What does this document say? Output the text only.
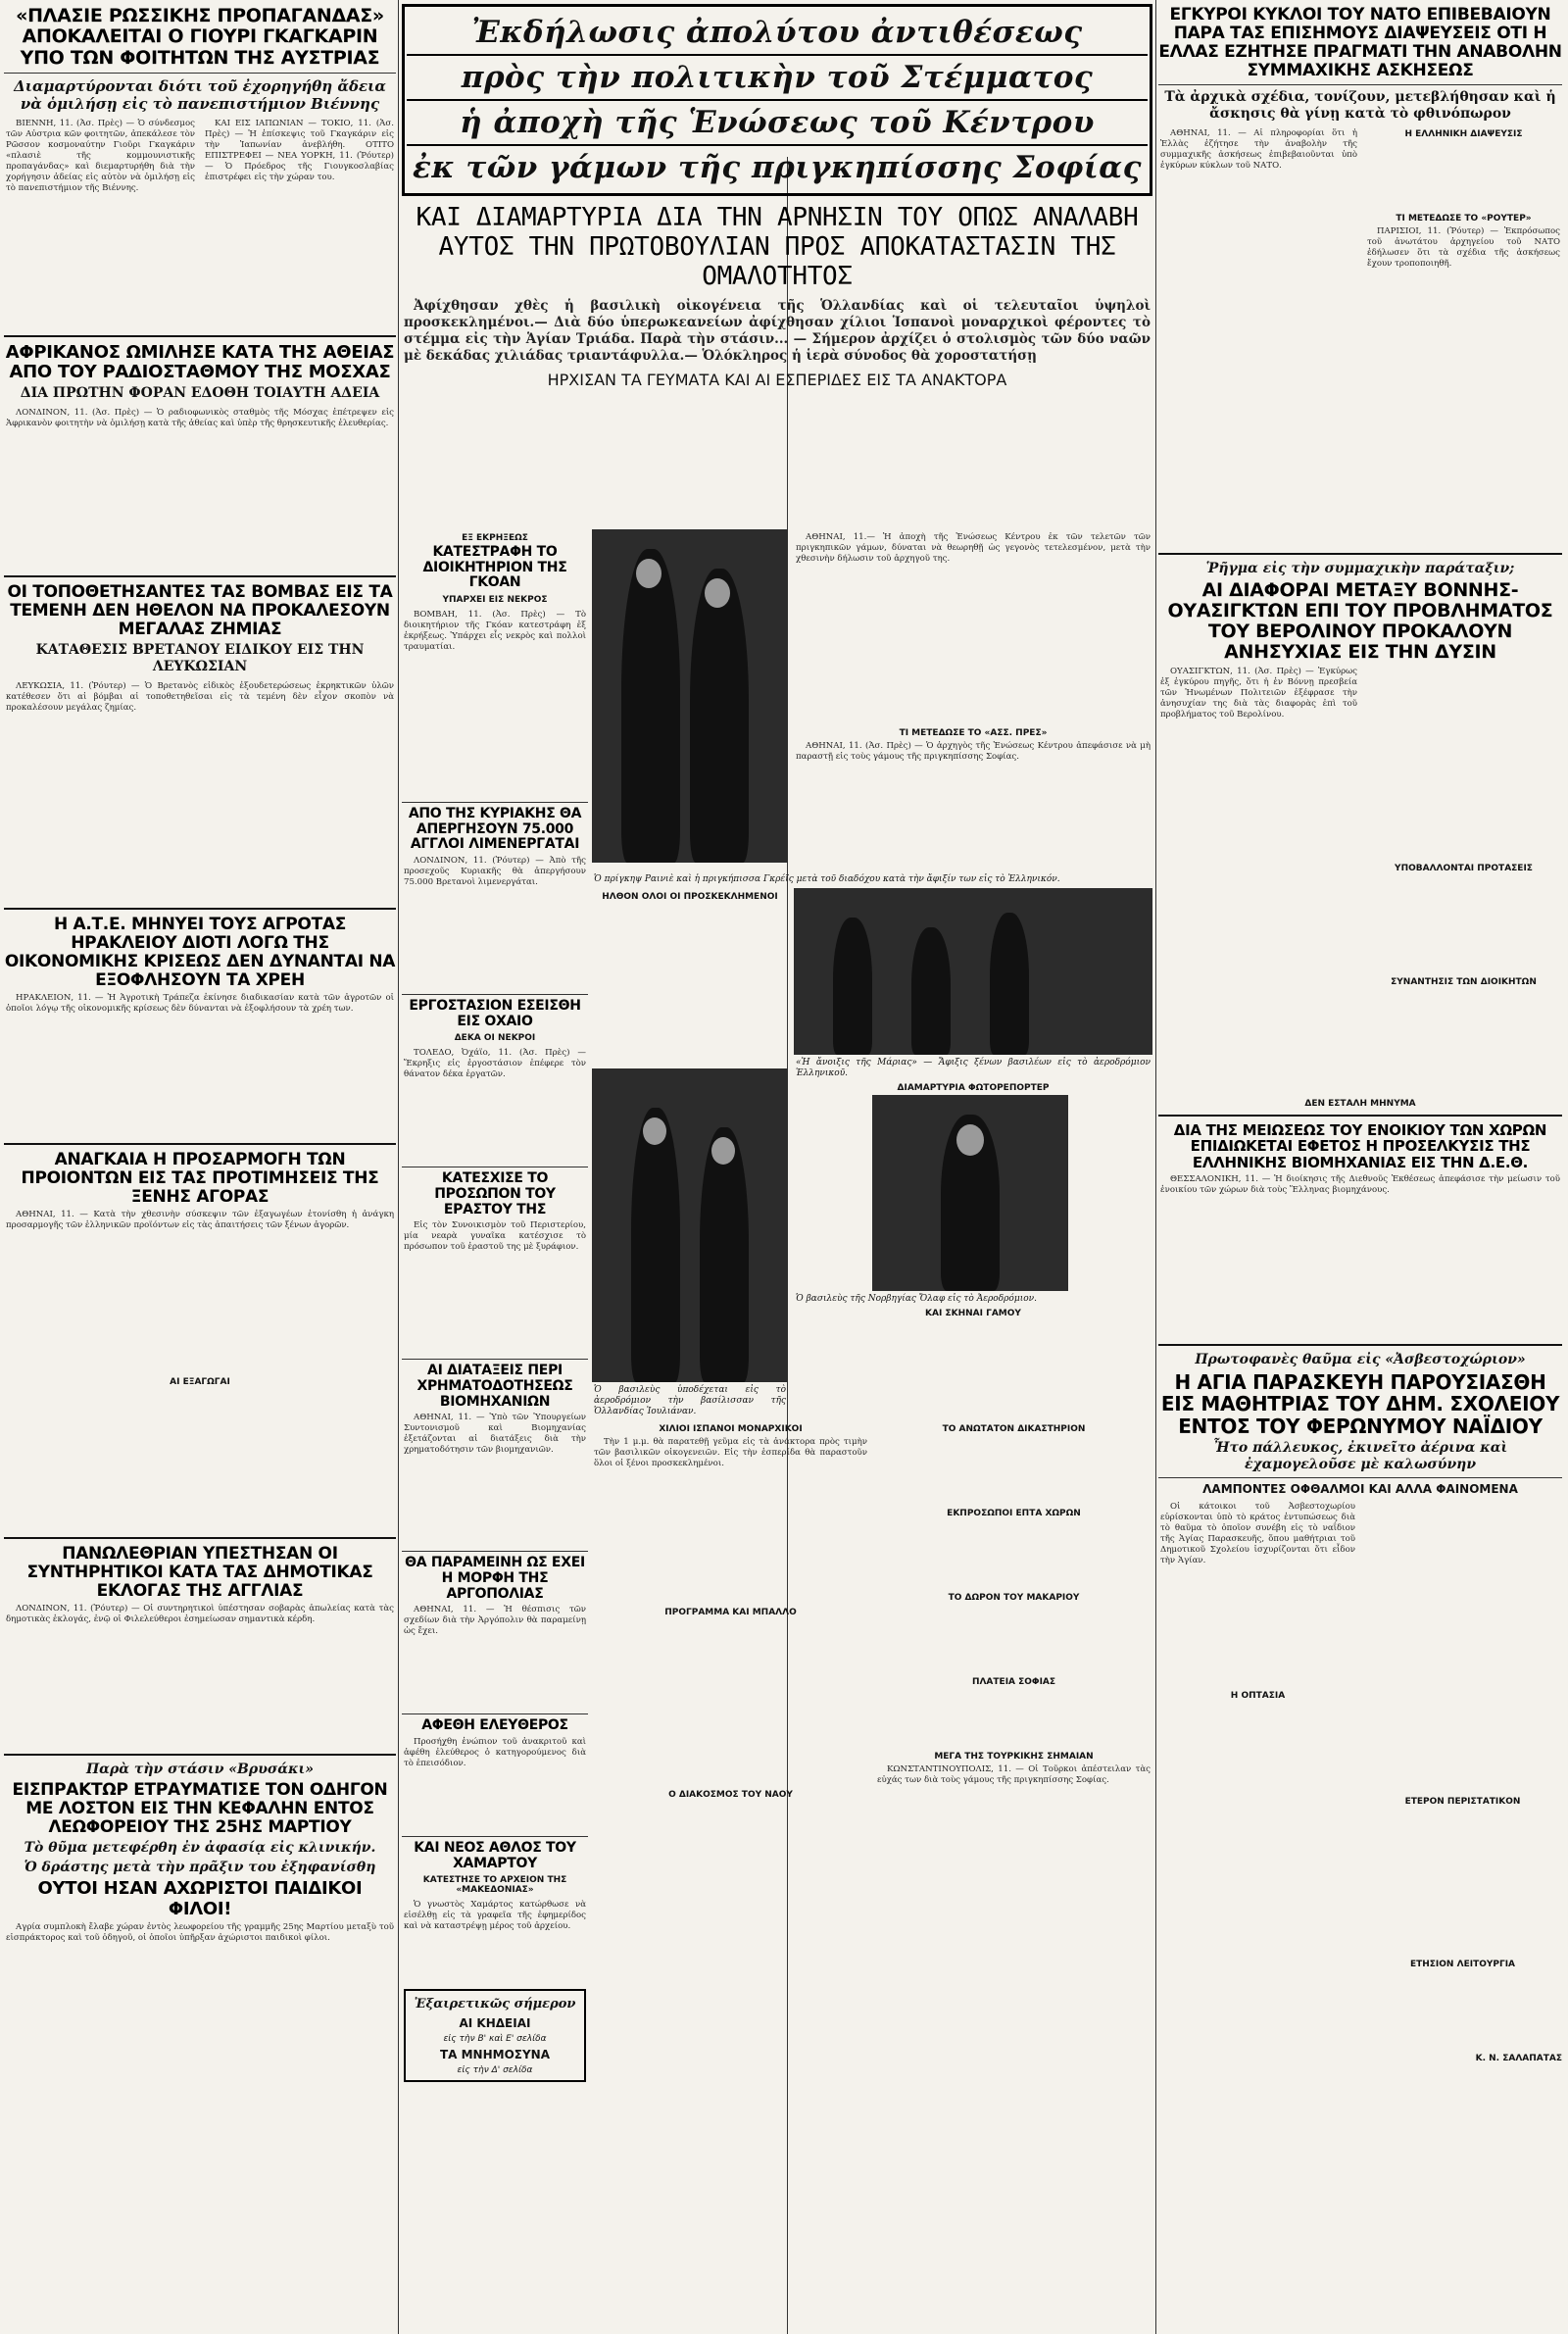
«ΠΛΑΣΙΕ ΡΩΣΣΙΚΗΣ ΠΡΟΠΑΓΑΝΔΑΣ» ΑΠΟΚΑΛΕΙΤΑΙ Ο ΓΙΟΥΡΙ ΓΚΑΓΚΑΡΙΝ ΥΠΟ ΤΩΝ ΦΟΙΤΗΤΩΝ ΤΗΣ ΑΥΣΤΡΙΑΣ
Διαμαρτύρονται διότι τοῦ ἐχορηγήθη ἄδεια νὰ ὁμιλήσῃ εἰς τὸ πανεπιστήμιον Βιέννης

ΒΙΕΝΝΗ, 11. (Ἀσ. Πρὲς) — Ὁ σύνδεσμος τῶν Αὐστρια κῶν φοιτητῶν, ἀπεκάλεσε τὸν Ρῶσσον κοσμοναύτην Γιοῦρι Γκαγκάριν «πλασιὲ τῆς κομμουνιστικῆς προπαγάνδας» καὶ διεμαρτυρήθη διὰ τὴν χορήγησιν ἀδείας εἰς αὐτὸν νὰ ὁμιλήσῃ εἰς τὸ πανεπιστήμιον τῆς Βιέννης.

ΚΑΙ ΕΙΣ ΙΑΠΩΝΙΑΝ — ΤΟΚΙΟ, 11. (Ἀσ. Πρὲς) — Ἡ ἐπίσκεψις τοῦ Γκαγκάριν εἰς τὴν Ἰαπωνίαν ἀνεβλήθη. ΟΤΙΤΟ ΕΠΙΣΤΡΕΦΕΙ — ΝΕΑ ΥΟΡΚΗ, 11. (Ῥόυτερ) — Ὁ Πρόεδρος τῆς Γιουγκοσλαβίας ἐπιστρέφει εἰς τὴν χώραν του.

ΑΦΡΙΚΑΝΟΣ ΩΜΙΛΗΣΕ ΚΑΤΑ ΤΗΣ ΑΘΕΙΑΣ ΑΠΟ ΤΟΥ ΡΑΔΙΟΣΤΑΘΜΟΥ ΤΗΣ ΜΟΣΧΑΣ
ΔΙΑ ΠΡΩΤΗΝ ΦΟΡΑΝ ΕΔΟΘΗ ΤΟΙΑΥΤΗ ΑΔΕΙΑ

ΛΟΝΔΙΝΟΝ, 11. (Ἀσ. Πρὲς) — Ὁ ραδιοφωνικὸς σταθμὸς τῆς Μόσχας ἐπέτρεψεν εἰς Ἀφρικανὸν φοιτητὴν νὰ ὁμιλήσῃ κατὰ τῆς ἀθείας καὶ ὑπὲρ τῆς θρησκευτικῆς ἐλευθερίας.

ΟΙ ΤΟΠΟΘΕΤΗΣΑΝΤΕΣ ΤΑΣ ΒΟΜΒΑΣ ΕΙΣ ΤΑ ΤΕΜΕΝΗ ΔΕΝ ΗΘΕΛΟΝ ΝΑ ΠΡΟΚΑΛΕΣΟΥΝ ΜΕΓΑΛΑΣ ΖΗΜΙΑΣ
ΚΑΤΑΘΕΣΙΣ ΒΡΕΤΑΝΟΥ ΕΙΔΙΚΟΥ ΕΙΣ ΤΗΝ ΛΕΥΚΩΣΙΑΝ

ΛΕΥΚΩΣΙΑ, 11. (Ῥόυτερ) — Ὁ Βρετανὸς εἰδικὸς ἐξουδετερώσεως ἐκρηκτικῶν ὑλῶν κατέθεσεν ὅτι αἱ βόμβαι αἱ τοποθετηθεῖσαι εἰς τὰ τεμένη δὲν εἶχον σκοπὸν νὰ προκαλέσουν μεγάλας ζημίας.

Η Α.Τ.Ε. ΜΗΝΥΕΙ ΤΟΥΣ ΑΓΡΟΤΑΣ ΗΡΑΚΛΕΙΟΥ ΔΙΟΤΙ ΛΟΓΩ ΤΗΣ ΟΙΚΟΝΟΜΙΚΗΣ ΚΡΙΣΕΩΣ ΔΕΝ ΔΥΝΑΝΤΑΙ ΝΑ ΕΞΟΦΛΗΣΟΥΝ ΤΑ ΧΡΕΗ

ΗΡΑΚΛΕΙΟΝ, 11. — Ἡ Ἀγροτικὴ Τράπεζα ἐκίνησε διαδικασίαν κατὰ τῶν ἀγροτῶν οἱ ὁποῖοι λόγῳ τῆς οἰκονομικῆς κρίσεως δὲν δύνανται νὰ ἐξοφλήσουν τὰ χρέη των.

ΑΝΑΓΚΑΙΑ Η ΠΡΟΣΑΡΜΟΓΗ ΤΩΝ ΠΡΟΙΟΝΤΩΝ ΕΙΣ ΤΑΣ ΠΡΟΤΙΜΗΣΕΙΣ ΤΗΣ ΞΕΝΗΣ ΑΓΟΡΑΣ

ΑΘΗΝΑΙ, 11. — Κατὰ τὴν χθεσινὴν σύσκεψιν τῶν ἐξαγωγέων ἐτονίσθη ἡ ἀνάγκη προσαρμογῆς τῶν ἑλληνικῶν προϊόντων εἰς τὰς ἀπαιτήσεις τῶν ξένων ἀγορῶν.

ΑΙ ΕΞΑΓΩΓΑΙ
ΠΑΝΩΛΕΘΡΙΑΝ ΥΠΕΣΤΗΣΑΝ ΟΙ ΣΥΝΤΗΡΗΤΙΚΟΙ ΚΑΤΑ ΤΑΣ ΔΗΜΟΤΙΚΑΣ ΕΚΛΟΓΑΣ ΤΗΣ ΑΓΓΛΙΑΣ

ΛΟΝΔΙΝΟΝ, 11. (Ῥόυτερ) — Οἱ συντηρητικοὶ ὑπέστησαν σοβαρὰς ἀπωλείας κατὰ τὰς δημοτικὰς ἐκλογάς, ἐνῷ οἱ Φιλελεύθεροι ἐσημείωσαν σημαντικὰ κέρδη.

Παρὰ τὴν στάσιν «Βρυσάκι»
ΕΙΣΠΡΑΚΤΩΡ ΕΤΡΑΥΜΑΤΙΣΕ ΤΟΝ ΟΔΗΓΟΝ ΜΕ ΛΟΣΤΟΝ ΕΙΣ ΤΗΝ ΚΕΦΑΛΗΝ ΕΝΤΟΣ ΛΕΩΦΟΡΕΙΟΥ ΤΗΣ 25ΗΣ ΜΑΡΤΙΟΥ
Τὸ θῦμα μετεφέρθη ἐν ἀφασίᾳ εἰς κλινικήν.
Ὁ δράστης μετὰ τὴν πρᾶξιν του ἐξηφανίσθη
ΟΥΤΟΙ ΗΣΑΝ ΑΧΩΡΙΣΤΟΙ ΠΑΙΔΙΚΟΙ ΦΙΛΟΙ!

Αγρία συμπλοκὴ ἔλαβε χώραν ἐντὸς λεωφορείου τῆς γραμμῆς 25ης Μαρτίου μεταξὺ τοῦ εἰσπράκτορος καὶ τοῦ ὁδηγοῦ, οἱ ὁποῖοι ὑπῆρξαν ἀχώριστοι παιδικοὶ φίλοι.

Ἐκδήλωσις ἀπολύτου ἀντιθέσεως
πρὸς τὴν πολιτικὴν τοῦ Στέμματος
ἡ ἀποχὴ τῆς Ἑνώσεως τοῦ Κέντρου
ἐκ τῶν γάμων τῆς πριγκηπίσσης Σοφίας
ΚΑΙ ΔΙΑΜΑΡΤΥΡΙΑ ΔΙΑ ΤΗΝ ΑΡΝΗΣΙΝ ΤΟΥ ΟΠΩΣ ΑΝΑΛΑΒΗ ΑΥΤΟΣ ΤΗΝ ΠΡΩΤΟΒΟΥΛΙΑΝ ΠΡΟΣ ΑΠΟΚΑΤΑΣΤΑΣΙΝ ΤΗΣ ΟΜΑΛΟΤΗΤΟΣ

Ἀφίχθησαν χθὲς ἡ βασιλικὴ οἰκογένεια τῆς Ὁλλανδίας καὶ οἱ τελευταῖοι ὑψηλοὶ προσκεκλημένοι.— Διὰ δύο ὑπερωκεανείων ἀφίχθησαν χίλιοι Ἱσπανοὶ μοναρχικοὶ φέροντες τὸ στέμμα εἰς τὴν Ἁγίαν Τριάδα. Παρὰ τὴν στάσιν... — Σήμερον ἀρχίζει ὁ στολισμὸς τῶν δύο ναῶν μὲ δεκάδας χιλιάδας τριαντάφυλλα.— Ὁλόκληρος ἡ ἱερὰ σύνοδος θὰ χοροστατήσῃ

ΗΡΧΙΣΑΝ ΤΑ ΓΕΥΜΑΤΑ ΚΑΙ ΑΙ ΕΣΠΕΡΙΔΕΣ ΕΙΣ ΤΑ ΑΝΑΚΤΟΡΑ
ΕΞ ΕΚΡΗΞΕΩΣ
ΚΑΤΕΣΤΡΑΦΗ ΤΟ ΔΙΟΙΚΗΤΗΡΙΟΝ ΤΗΣ ΓΚΟΑΝ
ΥΠΑΡΧΕΙ ΕΙΣ ΝΕΚΡΟΣ

ΒΟΜΒΑΗ, 11. (Ἀσ. Πρὲς) — Τὸ διοικητήριον τῆς Γκόαν κατεστράφη ἐξ ἐκρήξεως. Ὑπάρχει εἷς νεκρὸς καὶ πολλοὶ τραυματίαι.

ΑΠΟ ΤΗΣ ΚΥΡΙΑΚΗΣ ΘΑ ΑΠΕΡΓΗΣΟΥΝ 75.000 ΑΓΓΛΟΙ ΛΙΜΕΝΕΡΓΑΤΑΙ

ΛΟΝΔΙΝΟΝ, 11. (Ῥόυτερ) — Ἀπὸ τῆς προσεχοῦς Κυριακῆς θὰ ἀπεργήσουν 75.000 Βρετανοὶ λιμενεργάται.

ΕΡΓΟΣΤΑΣΙΟΝ ΕΣΕΙΣΘΗ ΕΙΣ ΟΧΑΙΟ
ΔΕΚΑ ΟΙ ΝΕΚΡΟΙ

ΤΟΛΕΔΟ, Ὀχάϊο, 11. (Ἀσ. Πρὲς) — Ἔκρηξις εἰς ἐργοστάσιον ἐπέφερε τὸν θάνατον δέκα ἐργατῶν.

ΚΑΤΕΣΧΙΣΕ ΤΟ ΠΡΟΣΩΠΟΝ ΤΟΥ ΕΡΑΣΤΟΥ ΤΗΣ

Εἰς τὸν Συνοικισμὸν τοῦ Περιστερίου, μία νεαρὰ γυναῖκα κατέσχισε τὸ πρόσωπον τοῦ ἐραστοῦ της μὲ ξυράφιον.

ΑΙ ΔΙΑΤΑΞΕΙΣ ΠΕΡΙ ΧΡΗΜΑΤΟΔΟΤΗΣΕΩΣ ΒΙΟΜΗΧΑΝΙΩΝ

ΑΘΗΝΑΙ, 11. — Ὑπὸ τῶν Ὑπουργείων Συντονισμοῦ καὶ Βιομηχανίας ἐξετάζονται αἱ διατάξεις διὰ τὴν χρηματοδότησιν τῶν βιομηχανιῶν.

ΘΑ ΠΑΡΑΜΕΙΝΗ ΩΣ ΕΧΕΙ Η ΜΟΡΦΗ ΤΗΣ ΑΡΓΟΠΟΛΙΑΣ

ΑΘΗΝΑΙ, 11. — Ἡ θέσπισις τῶν σχεδίων διὰ τὴν Ἀργόπολιν θὰ παραμείνῃ ὡς ἔχει.

ΑΦΕΘΗ ΕΛΕΥΘΕΡΟΣ

Προσήχθη ἐνώπιον τοῦ ἀνακριτοῦ καὶ ἀφέθη ἐλεύθερος ὁ κατηγορούμενος διὰ τὸ ἐπεισόδιον.

ΚΑΙ ΝΕΟΣ ΑΘΛΟΣ ΤΟΥ ΧΑΜΑΡΤΟΥ
ΚΑΤΕΣΤΗΣΕ ΤΟ ΑΡΧΕΙΟΝ ΤΗΣ «ΜΑΚΕΔΟΝΙΑΣ»

Ὁ γνωστὸς Χαμάρτος κατώρθωσε νὰ εἰσέλθῃ εἰς τὰ γραφεῖα τῆς ἐφημερίδος καὶ νὰ καταστρέψῃ μέρος τοῦ ἀρχείου.

Ἐξαιρετικῶς σήμερον
ΑΙ ΚΗΔΕΙΑΙ
εἰς τὴν Β' καὶ Ε' σελίδα
ΤΑ ΜΝΗΜΟΣΥΝΑ
εἰς τὴν Δ' σελίδα

ΑΘΗΝΑΙ, 11.— Ἡ ἀποχὴ τῆς Ἑνώσεως Κέντρου ἐκ τῶν τελετῶν τῶν πριγκηπικῶν γάμων, δύναται νὰ θεωρηθῇ ὡς γεγονὸς τετελεσμένον, μετὰ τὴν χθεσινὴν δήλωσιν τοῦ ἀρχηγοῦ της.

ΤΙ ΜΕΤΕΔΩΣΕ ΤΟ «ΑΣΣ. ΠΡΕΣ»

ΑΘΗΝΑΙ, 11. (Ἀσ. Πρὲς) — Ὁ ἀρχηγὸς τῆς Ἑνώσεως Κέντρου ἀπεφάσισε νὰ μὴ παραστῇ εἰς τοὺς γάμους τῆς πριγκηπίσσης Σοφίας.

Ὁ πρίγκηψ Ραινιὲ καὶ ἡ πριγκήπισσα Γκρέϊς μετὰ τοῦ διαδόχου κατὰ τὴν ἄφιξίν των εἰς τὸ Ἑλληνικόν.

ΗΛΘΟΝ ΟΛΟΙ ΟΙ ΠΡΟΣΚΕΚΛΗΜΕΝΟΙ

Ὁ βασιλεὺς ὑποδέχεται εἰς τὸ ἀεροδρόμιον τὴν βασίλισσαν τῆς Ὁλλανδίας Ἰουλιάναν.

«Ἡ ἄνοιξις τῆς Μάριας» — Ἄφιξις ξένων βασιλέων εἰς τὸ ἀεροδρόμιον Ἑλληνικοῦ.

ΔΙΑΜΑΡΤΥΡΙΑ ΦΩΤΟΡΕΠΟΡΤΕΡ

Ὁ βασιλεὺς τῆς Νορβηγίας Ὄλαφ εἰς τὸ Ἀεροδρόμιον.

ΚΑΙ ΣΚΗΝΑΙ ΓΑΜΟΥ
ΧΙΛΙΟΙ ΙΣΠΑΝΟΙ ΜΟΝΑΡΧΙΚΟΙ

Τὴν 1 μ.μ. θὰ παρατεθῇ γεῦμα εἰς τὰ ἀνάκτορα πρὸς τιμὴν τῶν βασιλικῶν οἰκογενειῶν. Εἰς τὴν ἑσπερίδα θὰ παραστοῦν ὅλοι οἱ ξένοι προσκεκλημένοι.

ΠΡΟΓΡΑΜΜΑ ΚΑΙ ΜΠΑΛΛΟ
Ο ΔΙΑΚΟΣΜΟΣ ΤΟΥ ΝΑΟΥ
ΤΟ ΑΝΩΤΑΤΟΝ ΔΙΚΑΣΤΗΡΙΟΝ
ΕΚΠΡΟΣΩΠΟΙ ΕΠΤΑ ΧΩΡΩΝ
ΤΟ ΔΩΡΟΝ ΤΟΥ ΜΑΚΑΡΙΟΥ
ΠΛΑΤΕΙΑ ΣΟΦΙΑΣ
ΜΕΓΑ ΤΗΣ ΤΟΥΡΚΙΚΗΣ ΣΗΜΑΙΑΝ

ΚΩΝΣΤΑΝΤΙΝΟΥΠΟΛΙΣ, 11. — Οἱ Τοῦρκοι ἀπέστειλαν τὰς εὐχάς των διὰ τοὺς γάμους τῆς πριγκηπίσσης Σοφίας.

ΕΓΚΥΡΟΙ ΚΥΚΛΟΙ ΤΟΥ ΝΑΤΟ ΕΠΙΒΕΒΑΙΟΥΝ ΠΑΡΑ ΤΑΣ ΕΠΙΣΗΜΟΥΣ ΔΙΑΨΕΥΣΕΙΣ ΟΤΙ Η ΕΛΛΑΣ ΕΖΗΤΗΣΕ ΠΡΑΓΜΑΤΙ ΤΗΝ ΑΝΑΒΟΛΗΝ ΣΥΜΜΑΧΙΚΗΣ ΑΣΚΗΣΕΩΣ
Τὰ ἀρχικὰ σχέδια, τονίζουν, μετεβλήθησαν καὶ ἡ ἄσκησις θὰ γίνῃ κατὰ τὸ φθινόπωρον

ΑΘΗΝΑΙ, 11. — Αἱ πληροφορίαι ὅτι ἡ Ἑλλὰς ἐζήτησε τὴν ἀναβολὴν τῆς συμμαχικῆς ἀσκήσεως ἐπιβεβαιοῦνται ὑπὸ ἐγκύρων κύκλων τοῦ ΝΑΤΟ.

Η ΕΛΛΗΝΙΚΗ ΔΙΑΨΕΥΣΙΣ
ΤΙ ΜΕΤΕΔΩΣΕ ΤΟ «ΡΟΥΤΕΡ»

ΠΑΡΙΣΙΟΙ, 11. (Ῥόυτερ) — Ἐκπρόσωπος τοῦ ἀνωτάτου ἀρχηγείου τοῦ ΝΑΤΟ ἐδήλωσεν ὅτι τὰ σχέδια τῆς ἀσκήσεως ἔχουν τροποποιηθῆ.

Ῥῆγμα εἰς τὴν συμμαχικὴν παράταξιν;
ΑΙ ΔΙΑΦΟΡΑΙ ΜΕΤΑΞΥ ΒΟΝΝΗΣ-ΟΥΑΣΙΓΚΤΩΝ ΕΠΙ ΤΟΥ ΠΡΟΒΛΗΜΑΤΟΣ ΤΟΥ ΒΕΡΟΛΙΝΟΥ ΠΡΟΚΑΛΟΥΝ ΑΝΗΣΥΧΙΑΣ ΕΙΣ ΤΗΝ ΔΥΣΙΝ

ΟΥΑΣΙΓΚΤΩΝ, 11. (Ἀσ. Πρὲς) — Ἐγκύρως ἐξ ἐγκύρου πηγῆς, ὅτι ἡ ἐν Βόννῃ πρεσβεία τῶν Ἡνωμένων Πολιτειῶν ἐξέφρασε τὴν ἀνησυχίαν της διὰ τὰς διαφορὰς ἐπὶ τοῦ προβλήματος τοῦ Βερολίνου.

ΥΠΟΒΑΛΛΟΝΤΑΙ ΠΡΟΤΑΣΕΙΣ
ΣΥΝΑΝΤΗΣΙΣ ΤΩΝ ΔΙΟΙΚΗΤΩΝ
ΔΕΝ ΕΣΤΑΛΗ ΜΗΝΥΜΑ
ΔΙΑ ΤΗΣ ΜΕΙΩΣΕΩΣ ΤΟΥ ΕΝΟΙΚΙΟΥ ΤΩΝ ΧΩΡΩΝ ΕΠΙΔΙΩΚΕΤΑΙ ΕΦΕΤΟΣ Η ΠΡΟΣΕΛΚΥΣΙΣ ΤΗΣ ΕΛΛΗΝΙΚΗΣ ΒΙΟΜΗΧΑΝΙΑΣ ΕΙΣ ΤΗΝ Δ.Ε.Θ.

ΘΕΣΣΑΛΟΝΙΚΗ, 11. — Ἡ διοίκησις τῆς Διεθνοῦς Ἐκθέσεως ἀπεφάσισε τὴν μείωσιν τοῦ ἐνοικίου τῶν χώρων διὰ τοὺς Ἕλληνας βιομηχάνους.

Πρωτοφανὲς θαῦμα εἰς «Ἀσβεστοχώριον»
Η ΑΓΙΑ ΠΑΡΑΣΚΕΥΗ ΠΑΡΟΥΣΙΑΣΘΗ ΕΙΣ ΜΑΘΗΤΡΙΑΣ ΤΟΥ ΔΗΜ. ΣΧΟΛΕΙΟΥ ΕΝΤΟΣ ΤΟΥ ΦΕΡΩΝΥΜΟΥ ΝΑΪΔΙΟΥ
Ἦτο πάλλευκος, ἐκινεῖτο ἀέρινα καὶ ἐχαμογελοῦσε μὲ καλωσύνην
ΛΑΜΠΟΝΤΕΣ ΟΦΘΑΛΜΟΙ ΚΑΙ ΑΛΛΑ ΦΑΙΝΟΜΕΝΑ

Οἱ κάτοικοι τοῦ Ἀσβεστοχωρίου εὑρίσκονται ὑπὸ τὸ κράτος ἐντυπώσεως διὰ τὸ θαῦμα τὸ ὁποῖον συνέβη εἰς τὸ ναΐδιον τῆς Ἁγίας Παρασκευῆς, ὅπου μαθήτριαι τοῦ Δημοτικοῦ Σχολείου ἰσχυρίζονται ὅτι εἶδον τὴν Ἁγίαν.

Η ΟΠΤΑΣΙΑ
ΕΤΕΡΟΝ ΠΕΡΙΣΤΑΤΙΚΟΝ
ΕΤΗΣΙΟΝ ΛΕΙΤΟΥΡΓΙΑ
Κ. Ν. ΣΑΛΑΠΑΤΑΣ
